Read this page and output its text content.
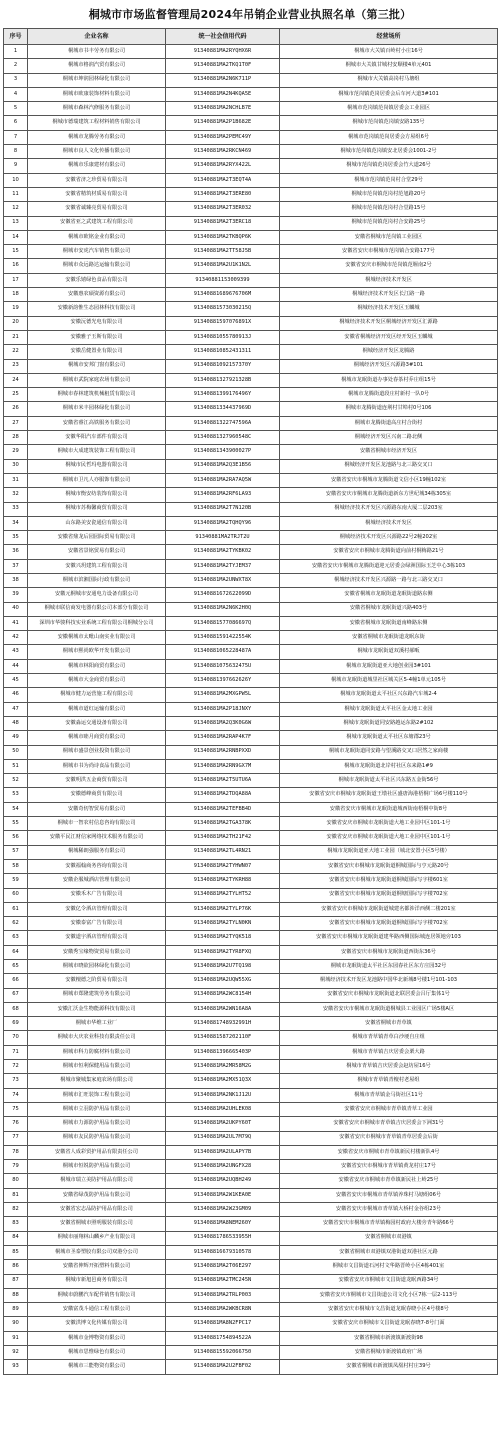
桐城市市场监督管理局2024年吊销企业营业执照名单（第三批）
序号	企业名称	统一社会信用代码	经营场所
1	桐城市书丰劳务有限公司	91340881MA2RYQHX6R	桐城市大关镇百岭村小庄16号
2	桐城市格润汽贸有限公司	91340881MA2TKQ1T0F	桐城市大关镇甘城村安顺楼4单元401
3	桐城市坤润园林绿化有限公司	91340881MA2N6K711P	桐城市大关镇高岗村马塘组
4	桐城市欧康装饰材料有限公司	91340881MA2N4KQA5E	桐城市范岗镇范岗居委会后车河大道3#101
5	桐城市森林汽修服务有限公司	91340881MA2NCHLB7E	桐城市范岗镇范岗镇居委会工业园区
6	桐城市德瑞建筑工程材料销售有限公司	91340881MA2P1B682E	桐城市范岗镇范岗镇安路135号
7	桐城市龙腾劳务有限公司	91340881MA2PEMC49Y	桐城市范岗镇范岗居委会方屋组6号
8	桐城市良人文化传播有限公司	91340881MA2RKCN469	桐城市范岗镇范岗镇安北居委会1001-2号
9	桐城市乐康建材有限公司	91340881MA2RYX422L	桐城市范岗镇范岗居委会竹大道26号
10	安徽省济之珍贸易有限公司	91340881MA2T3EQT4A	桐城市范岗镇范岗村合堂29号
11	安徽省精筑材质易有限公司	91340881MA2T3ERE80	桐城市范岗镇范岗村范旭路20号
12	安徽省诚臻亮贸易有限公司	91340881MA2T3ER032	桐城市范岗镇范岗村合堂路15号
13	安徽省亚之武建筑工程有限公司	91340881MA2T3ERC18	桐城市范岗镇范岗村合安路25号
14	桐城市欧铭金业有限公司	91340881MA2TKBQP6K	安徽省桐城市范岗镇工业园区
15	桐城市安虎汽车销售有限公司	91340881MA2TT58J5B	安徽省安庆市桐城市范岗镇合安路177号
16	桐城市众远路达运输有限公司	91340881MA2U1K1N2L	安徽省安庆市桐城市范岗镇范堰南2号
17	安徽乐嬉绿色食品有限公司	91340881153009399	桐城经济技术开发区
18	安徽惠农硕资源有限公司	9134088168967670​6M	桐城经济技术开发区长江路一路
19	安徽新韵惟生态园林科技有限公司	91340881573030215Q	桐城经济技术开发区玉麟城
20	安徽沅德光电有限公司	9134088159707689​1X	桐城经济技术开发区桐城经济开发区汇源路
21	安徽雅子玉斯有限公司	9134088105578091​3J	安徽省桐城经济开发区经开发区玉麟城
22	安徽岳健置业有限公司	91340881085243131​1	桐城经济开发区龙腾路
23	桐城市安邦门窗有限公司	91340881092157370Y	桐城经济开发区兴源路3#101
24	桐城市武院家庭农场有限公司	91340881327921328​B	桐城市龙眠街道办事处春茶村乔庄组15号
25	桐城市春林建筑机械租赁有限公司	9134088139917649​6Y	桐城市龙腾街道段庄村新村一队0号
26	桐城市米丰园林绿化有限公司	9134088133443796​9D	桐城市龙腾街道连荆村甘埠村0号106
27	安徽省睿江高铁服务有限公司	9134088132274759​6A	桐城市龙腾街道高庄村合街村
28	安徽华阳汽车部件有限公司	91340881327960548C	桐城经济开发区兴南二路北侧
29	桐城市大成建筑装饰工程有限公司	91340881343900027P	安徽省桐城市经济开发区
30	桐城市民哲玛电器有限公司	91340881MA2Q3E1B56	桐城经济开发区龙池路与北三路交叉口
31	桐城市卫凡人亦服饰有限公司	91340881MA2RA7AQ5W	安徽省安庆市桐城市龙腾街道文信小区19幢102室
32	桐城市衡安纺装饰有限公司	91340881MA2RF6LA93	安徽省安庆市桐城市龙腾街道新东方世纪城34栋305室
33	桐城市苏梅馨商贸有限公司	91340881MA2T7N120B	桐城经济技术开发区兴源路东南大厦二层203室
34	山东路美安瓷通信有限公司	91340881MA2TQHQY96	桐城经济技术开发区
35	安徽省鼎龙后园园际贸易有限公司	91340881MA2TRJT2U	桐城经济技术开发区兴源路22号2幢202室
36	安徽省景铭贸易有限公司	91340881MA2TYKBK02	安徽省安庆市桐城市龙腾街道向前村桐梅路21号
37	安徽兴玥建筑工程有限公司	91340881MA2TYJEM37	安徽省安庆市桐城市龙腾街道迎元居委会绿洲国际玉芝中心3栋103
38	桐城市滨湘国际行政有限公司	91340881MA2UNWXT8X	桐城经济技术开发区兴源路一路与北三路交叉口
39	安徽元桐城市安通电力设备有限公司	91340881672622099D	安徽省桐城市龙眠街道龙眠街道路东侧
40	桐城市联信商发电器有限公司本部分有限公司	91340881MA2N6K2H0Q	安徽省桐城市龙眠街道兴路403号
41	深圳市华骏科技实业系统工程有限公司桐城分公司	91340881577086697Q	安徽省桐城市龙眠街道南峰路东侧
42	安徽桐城市太毗山南实业有限公司	91340881591422554K	安徽省桐城市龙眠街道龙眠东街
43	桐城市熙尚欧华开发有限公司	91340881065228487A	桐城市龙眠街道双溪村郝畈
44	桐城市林阳商贸有限公司	9134088107563247​5U	桐城市龙眠街道亚大地创业园3#101
45	桐城市大金商贸有限公司	91340881397662626Y	桐城市龙眠街道城里社区城关区5-4幢1单元105号
46	桐城市健力运营施工程有限公司	91340881MA2MXGPW5L	桐城市龙眠街道太平社区兴东路汽车城2-4
47	桐城市道红运输有限公司	91340881MA2P18JNXY	桐城市龙眠街道太平社区金太地工业园
48	安徽淼运交通设备有限公司	91340881MA2Q3K0G6W	桐城市龙眠街道同安路越运东路2#102
49	桐城市睦月商贸有限公司	91340881MA2RAP4K7F	桐城市龙眠街道太平社区东塘郡23号
50	桐城市盛景创业投资有限公司	91340881MA2RNBPXXD	桐城市龙眠街道同安路与望溪路交叉口居然之家商楼
51	桐城市书为尚诗食品有限公司	91340881MA2RN9GX7M	桐城市龙眠街道北岸村社区东来路1#9
52	安徽明洪五金商贸有限公司	91340881MA2T5UTU6A	桐城市龙眠街道太平社区兴东路五金街56号
53	安徽德峰商贸有限公司	91340881MA2TDQA88A	安徽省安庆市桐城市龙眠街道王墩社区盛唐海港梧桐广场6号楼110号
54	安徽奇仞智贸易有限公司	91340881MA2TEFBB4D	安徽省安庆市桐城市龙眠街道城西街南梧桐中街8号
55	桐城市一智农村信息咨询有限公司	91340881MA2TGA378K	安徽省安庆市桐城市龙眠街道大地工业园中区101-1号
56	安徽平民江财信家网络技术服务有限公司	91340881MA2TH21F42	安徽省安庆市桐城市龙眠街道大地工业园中区101-1号
57	桐城稀朗强服务有限公司	91340881MA2TL4RN21	桐城市龙眠街道亚大地工业园（城北安置小区5号楼）
58	安徽福翰商务咨询有限公司	91340881MA2TYHWN07	安徽省安庆市桐城市龙眠街道桐城国际与亨元路20号
59	安徽企服城酒店管理有限公司	91340881MA2TYKRH88	安徽省安庆市桐城市龙眠街道桐城国际写字楼601室
60	安徽禾木广告有限公司	91340881MA2TYLHT52	安徽省安庆市桐城市龙眠街道桐塘国际写字楼702室
61	安徽亿令酒店管理有限公司	91340881MA2TYLP76K	安徽省安庆市桐城市龙眠街道城建名都涉洋西侧二楼201室
62	安徽泰富广告有限公司	91340881MA2TYLN0KN	安徽省安庆市桐城市龙眠街道桐城国际写字楼702室
63	安徽道宇酒店管理有限公司	91340881MA2TYQK518	安徽省安庆市桐城市龙眠街道建华路西侧国际城连居领地旁103
64	安徽秀宝缘物资贸易有限公司	91340881MA2TYR8FXQ	安徽省安庆市桐城市龙眠街道西街东36号
65	桐城市晓欲园林绿化有限公司	91340881MA2U7TQ198	桐城市龙眠街道太平社区东园春社区东方庄园32号
66	安徽檀德之阶贸易有限公司	91340881MA2UQW55XG	桐城经济技术开发区龙池路中国华北新城8号楼1号101-103
67	桐城市郑隆建筑劳务有限公司	91340881MA2WC8154H	安徽省安庆市桐城市龙眠街道北联居委会吕厅集体1号
68	安徽汇沃金生物能源科技有限公司	91340881MA2WN16A8A	安徽省安庆市桐城市龙眠街道桐城县工业园区广场5楼A区
69	桐城市华维工业厂	91340881748932991H	安徽省桐城市青草镇
70	桐城市大庆农业科技有限责任公司	91340881587202110F	桐城市青草镇青草白沙埂自庄组
71	桐城市科力防腐材料有限公司	91340881396665403P	桐城市青草镇吉庆居委会栗大路
72	桐城市恒利保健用品有限公司	91340881MA2MR58M2G	桐城市青草镇吉庆居委会赵坊屋16号
73	桐城市聚城集家庭农场有限公司	91340881MA2MX51Q3X	桐城市青草镇青檀村老屋组
74	桐城市汇旺装饰工程有限公司	91340881MA2NK1J12U	桐城市青草镇金马街社区11号
75	桐城市立羽防护用品有限公司	91340881MA2UHLEK08	安徽省安庆市桐城市青草镇青草工业园
76	桐城市力源防护用品有限公司	91340881MA2UKPY60T	安徽省安庆市桐城市青草镇吉庆居委会下洲31号
77	桐城市友民防护用品有限公司	91340881MA2UL7M79Q	安徽省安庆市桐城市青草镇青草居委会后街
78	安徽省人成彩贸护用品有限责任公司	91340881MA2ULAPY7B	安徽省安庆市桐城市青草镇新民村楼新队4号
79	桐城市恒锐防护用品有限公司	91340881MA2UNGFX28	安徽省安庆市桐城市青草镇黄龙村庄17号
80	桐城市瑞立美防护用品有限公司	91340881MA2UQBH249	安徽省安庆市桐城市青草镇新民社上岭25号
81	安徽省绿茂防护用品有限公司	91340881MA2W1KEA0E	安徽省安庆市桐城市青草镇养珠村马塘组06号
82	安徽省宏志品防护用品有限公司	91340881MA2W23GM09	安徽省安庆市桐城市青草镇大桥村金谷组23号
83	安徽省桐城市照明服装有限公司	91340881MA8NEM260Y	安徽省安庆市桐城市青草镇梅园村政府大楼旁青年路66号
84	桐城市丽翔林山麟乡产业有限公司	91340881786533955H	安徽省桐城市双港镇
85	桐城市圣泰塑胶有限公司双港分公司	9134088166793105​78	安徽省桐城市双港镇双港街道双港社区元路
86	安徽省伸辉开拓塑料有限公司	91340881MA2T06E297	桐城市文昌街道石河村文华路晋岭小区4栋401室
87	桐城市新旭邑商务有限公司	91340881MA2TMC245N	安徽省安庆市桐城市文昌街道龙眠西路34号
88	桐城市蔚鹏汽车配件销售有限公司	91340881MA2TRLP003	安徽省安庆市桐城市文昌街道公司文化小区7栋一层2-113号
89	安徽富茂斗通信工程有限公司	91340881MA2WKBCR8N	安徽省安庆市桐城市文昌街道龙眠春晓小区4号楼8号
90	安徽洪博文化传媒有限公司	91340881MA8N2FPC17	安徽省安庆市桐城市文昌街道龙眠春晓7-8号门面
91	桐城市金博物资有限公司	91340881754894522A	安徽省桐城市新渡镇新渡街98
92	桐城市思惟绿色有限公司	91340881559206675​0	安徽省桐城市新渡镇政府广场
93	桐城市三能物资有限公司	91340881MA2U2FBF02	安徽省桐城市新渡镇凤凰村村庄39号
